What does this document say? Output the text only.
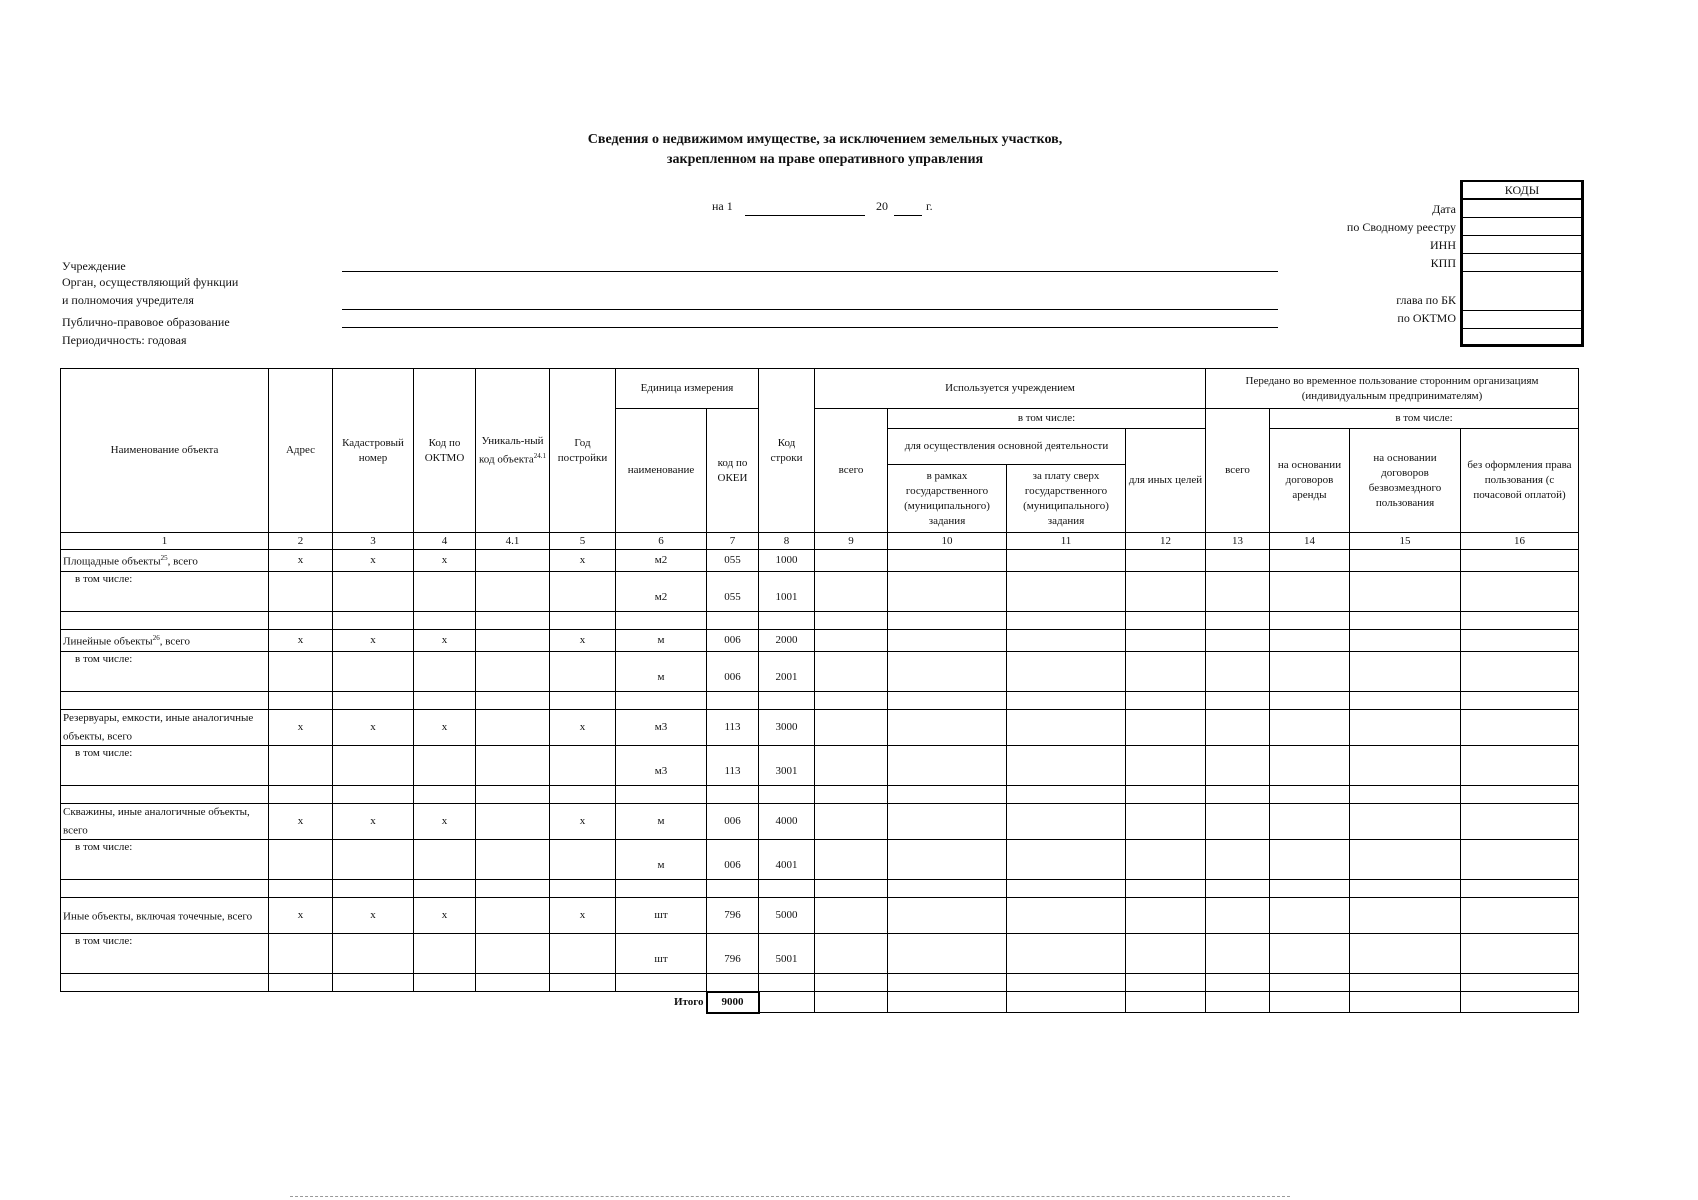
Сведения о недвижимом имуществе, за исключением земельных участков,
закрепленном на праве оперативного управления
на 1	20	г.
Учреждение
Орган, осуществляющий функции
и полномочия учредителя
Публично-правовое образование
Периодичность: годовая
Дата
по Сводному реестру
ИНН
КПП
глава по БК
по ОКТМО
КОДЫ
Наименование объекта	Адрес	Кадастровый номер	Код по ОКТМО	Уникаль-ный код объекта$^{24.1}$	Год постройки	Единица измерения		Код строки	Используется учреждением				Передано во временное пользование сторонним организациям (индивидуальным предпринимателям)			
						наименование	код по ОКЕИ		всего	в том числе:			всего	в том числе:		
										для осуществления основной деятельности		для иных целей		на основании договоров аренды	на основании договоров безвозмездного пользования	без оформления права пользования (с почасовой оплатой)
										в рамках государственного (муниципального) задания	за плату сверх государственного (муниципального) задания					
1	2	3	4	4.1	5	6	7	8	9	10	11	12	13	14	15	16
Площадные объекты$^{25}$, всего	х	х	х		х	м2	055	1000								
в том числе:						м2	055	1001								

Линейные объекты$^{26}$, всего	х	х	х		х	м	006	2000								
в том числе:						м	006	2001								

Резервуары, емкости, иные аналогичные объекты, всего	х	х	х		х	м3	113	3000								
в том числе:						м3	113	3001								

Скважины, иные аналогичные объекты, всего	х	х	х		х	м	006	4000								
в том числе:						м	006	4001								

Иные объекты, включая точечные, всего	х	х	х		х	шт	796	5000								
в том числе:						шт	796	5001								

Итого							9000									
